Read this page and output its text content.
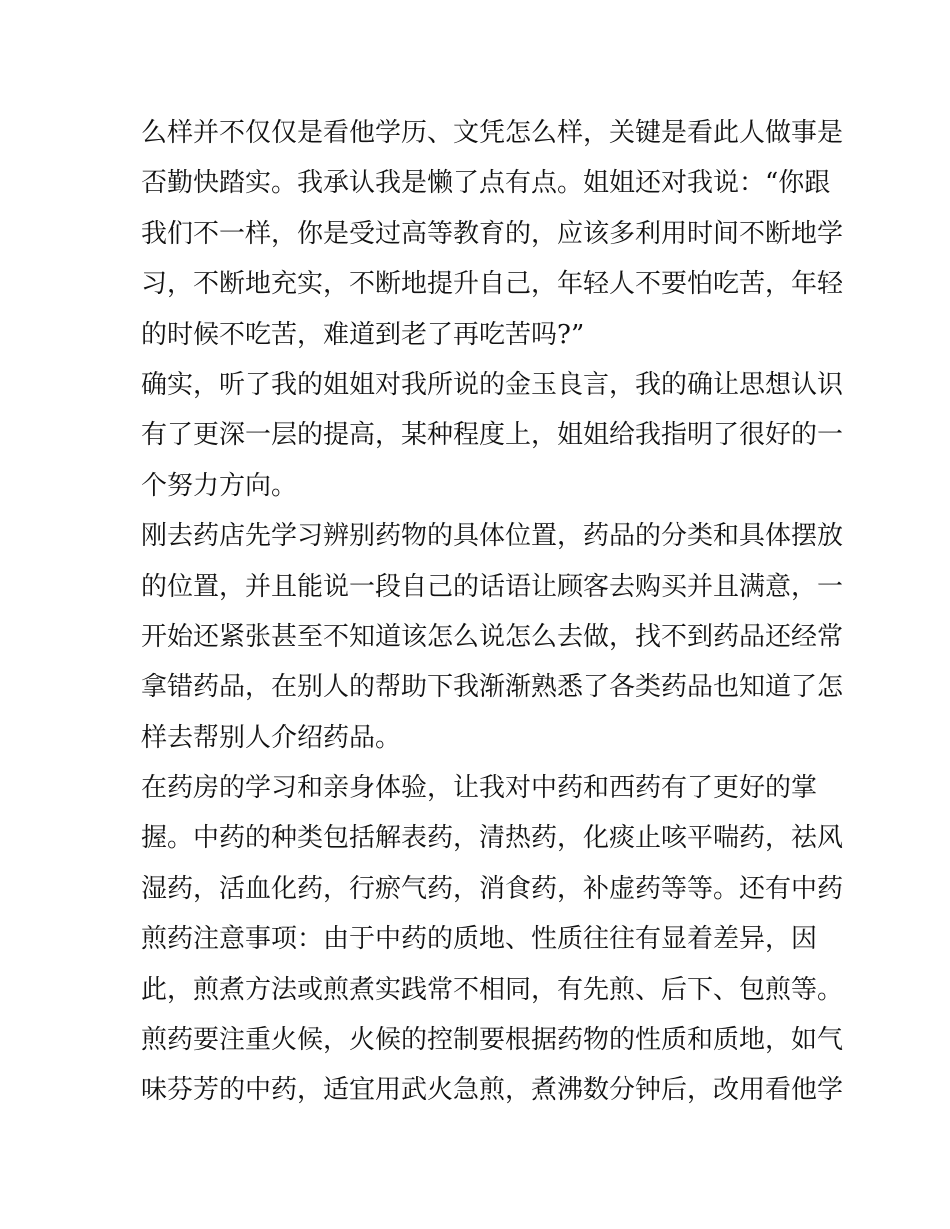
么样并不仅仅是看他学历、文凭怎么样，关键是看此人做事是
否勤快踏实。我承认我是懒了点有点。姐姐还对我说：“你跟
我们不一样，你是受过高等教育的，应该多利用时间不断地学
习，不断地充实，不断地提升自己，年轻人不要怕吃苦，年轻
的时候不吃苦，难道到老了再吃苦吗?”
确实，听了我的姐姐对我所说的金玉良言，我的确让思想认识
有了更深一层的提高，某种程度上，姐姐给我指明了很好的一
个努力方向。
刚去药店先学习辨别药物的具体位置，药品的分类和具体摆放
的位置，并且能说一段自己的话语让顾客去购买并且满意，一
开始还紧张甚至不知道该怎么说怎么去做，找不到药品还经常
拿错药品，在别人的帮助下我渐渐熟悉了各类药品也知道了怎
样去帮别人介绍药品。
在药房的学习和亲身体验，让我对中药和西药有了更好的掌
握。中药的种类包括解表药，清热药，化痰止咳平喘药，祛风
湿药，活血化药，行瘀气药，消食药，补虚药等等。还有中药
煎药注意事项：由于中药的质地、性质往往有显着差异，因
此，煎煮方法或煎煮实践常不相同，有先煎、后下、包煎等。
煎药要注重火候，火候的控制要根据药物的性质和质地，如气
味芬芳的中药，适宜用武火急煎，煮沸数分钟后，改用看他学
